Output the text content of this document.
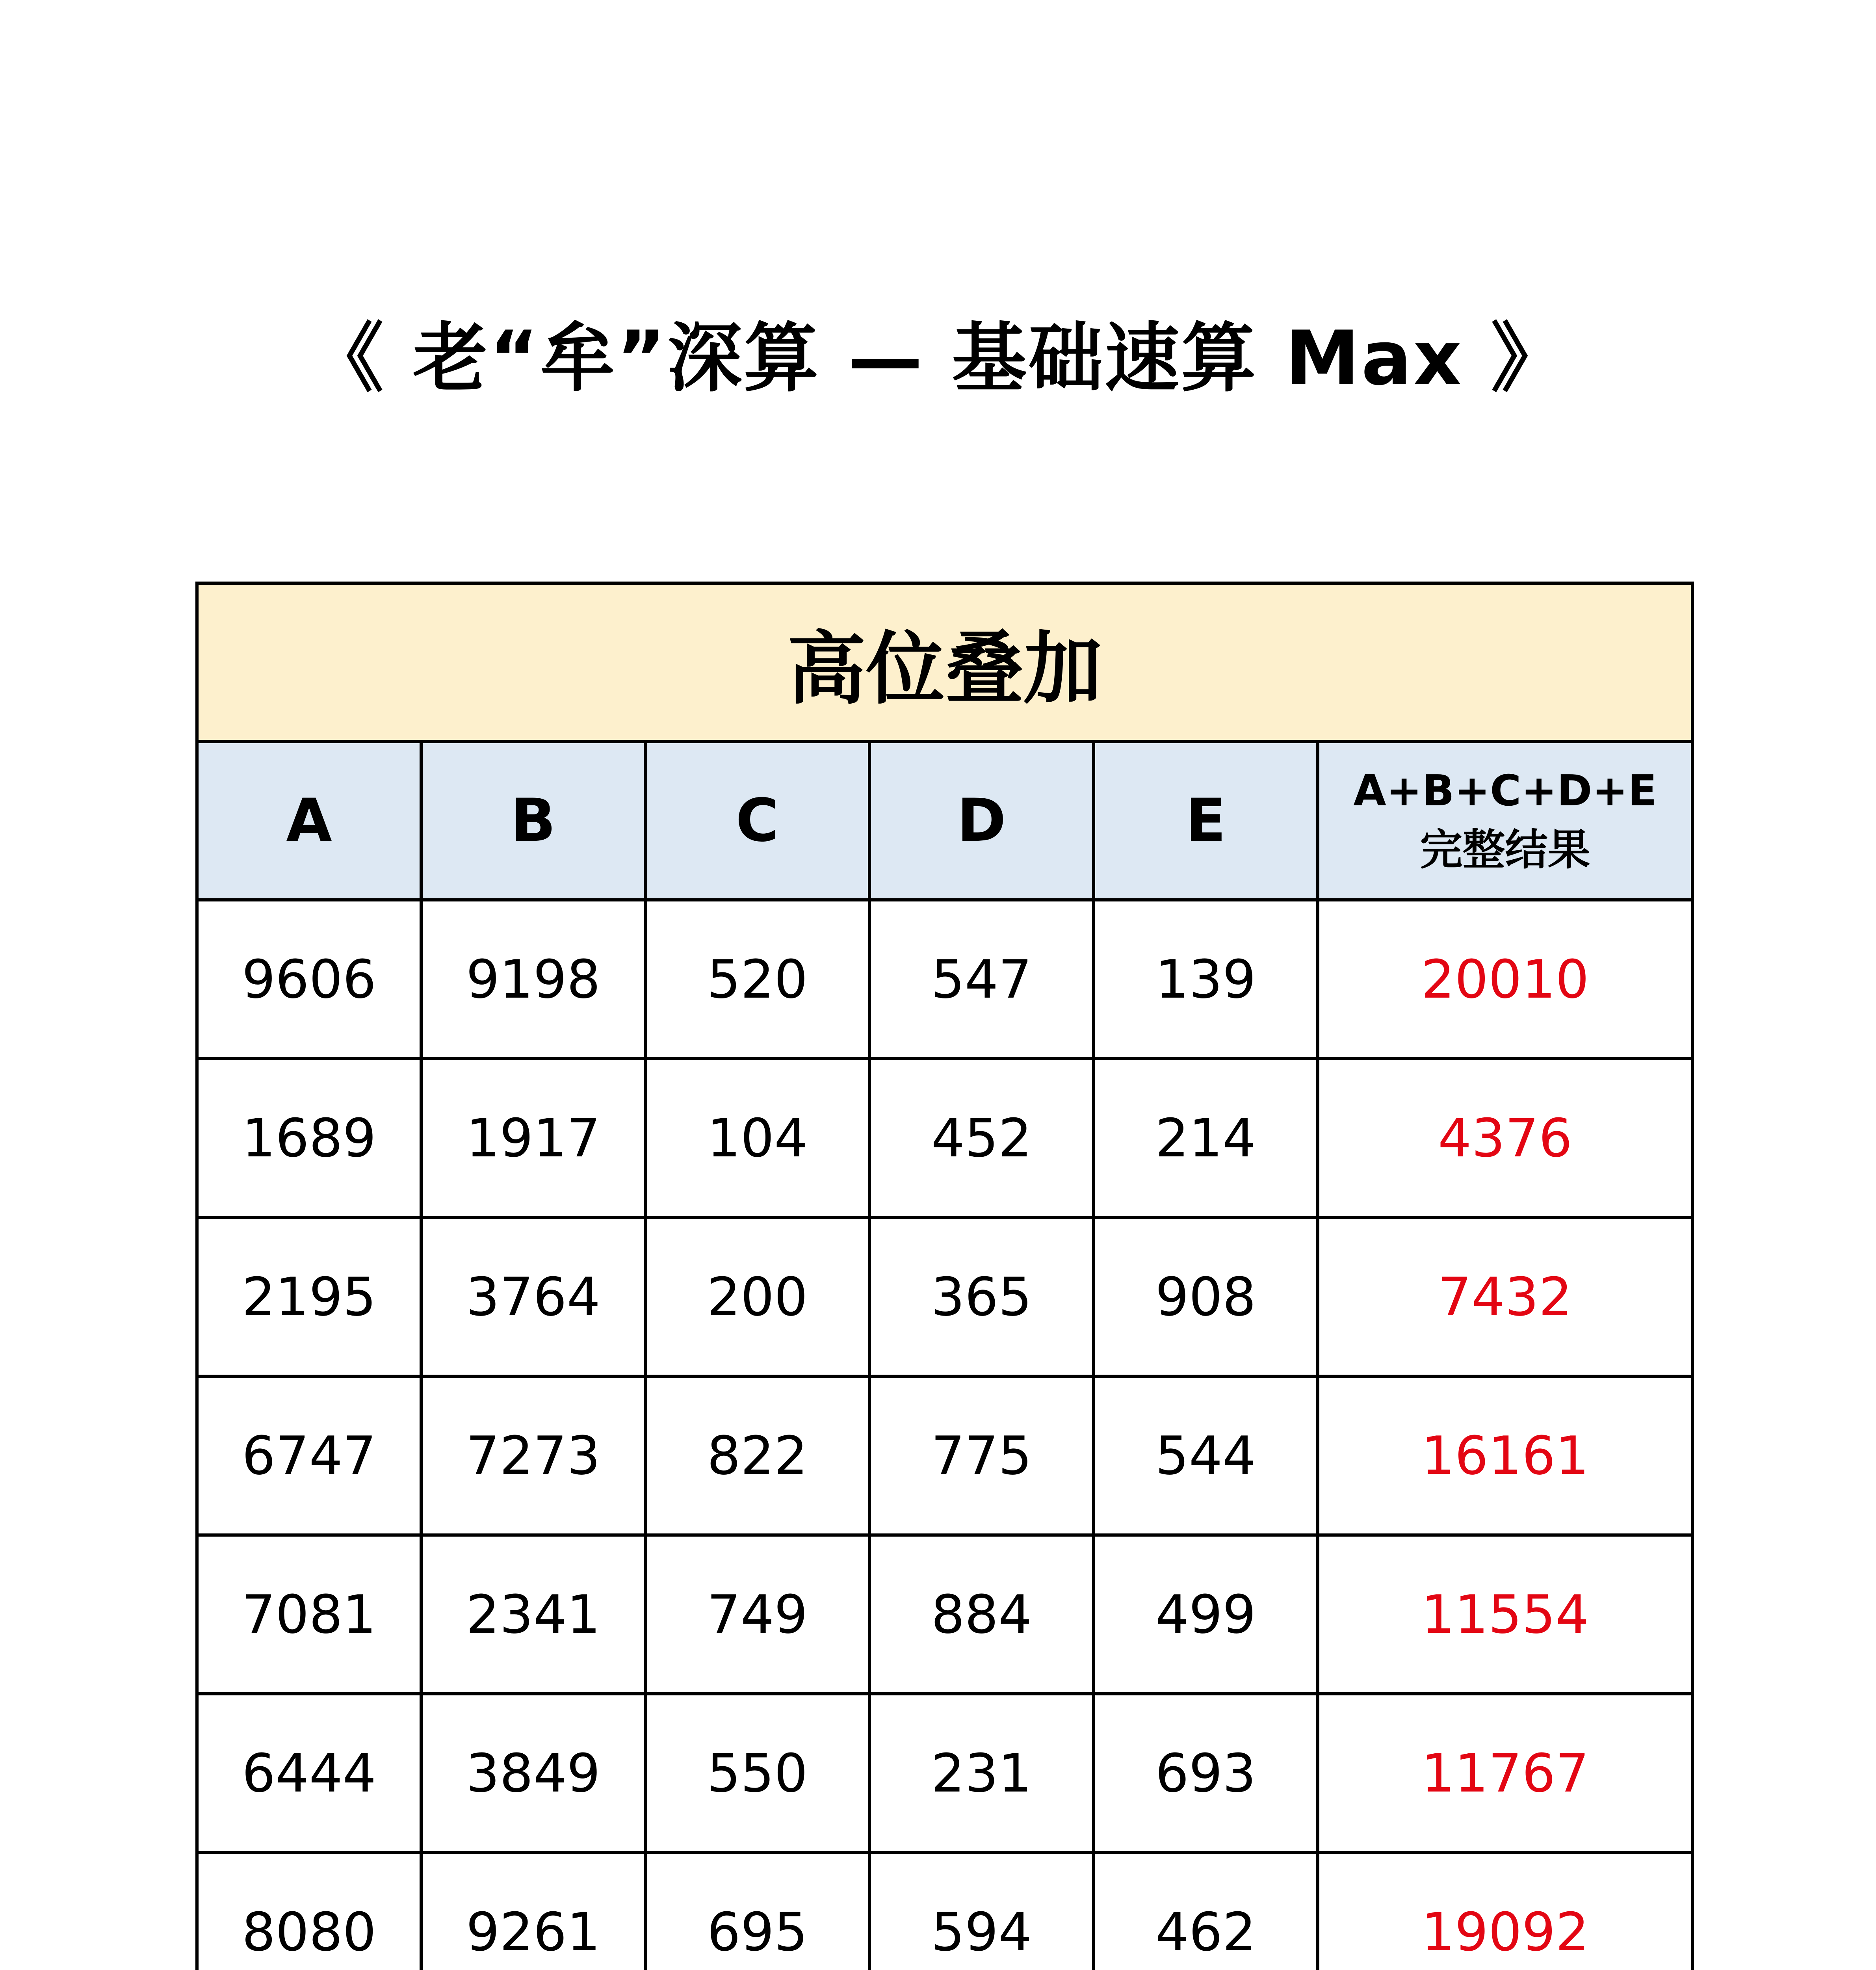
《 老“牟”深算 — 基础速算 Max 》
高位叠加					
A	B	C	D	E	A+B+C+D+E
完整结果

9606	9198	520	547	139	20010
1689	1917	104	452	214	4376
2195	3764	200	365	908	7432
6747	7273	822	775	544	16161
7081	2341	749	884	499	11554
6444	3849	550	231	693	11767
8080	9261	695	594	462	19092
